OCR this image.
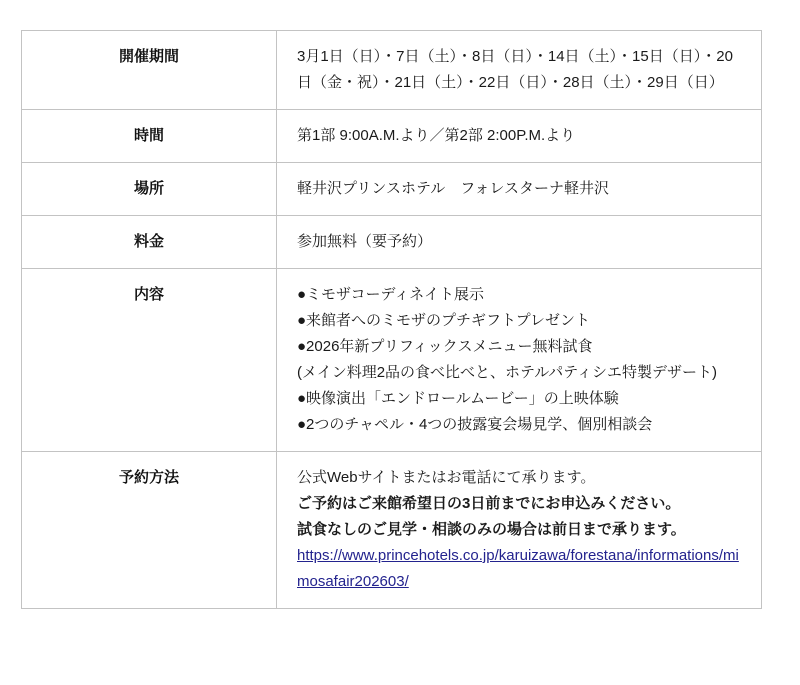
開催期間	3月1日（日）・7日（土）・8日（日）・14日（土）・15日（日）・20日（金・祝）・21日（土）・22日（日）・28日（土）・29日（日）

時間	第1部 9:00A.M.より／第2部 2:00P.M.より

場所	軽井沢プリンスホテル　フォレスターナ軽井沢

料金	参加無料（要予約）

内容	●ミモザコーディネイト展示
●来館者へのミモザのプチギフトプレゼント
●2026年新プリフィックスメニュー無料試食
(メイン料理2品の食べ比べと、ホテルパティシエ特製デザート)
●映像演出「エンドロールムービー」の上映体験
●2つのチャペル・4つの披露宴会場見学、個別相談会

予約方法	公式Webサイトまたはお電話にて承ります。
ご予約はご来館希望日の3日前までにお申込みください。
試食なしのご見学・相談のみの場合は前日まで承ります。
https://www.princehotels.co.jp/karuizawa/forestana/informations/mimosafair202603/
